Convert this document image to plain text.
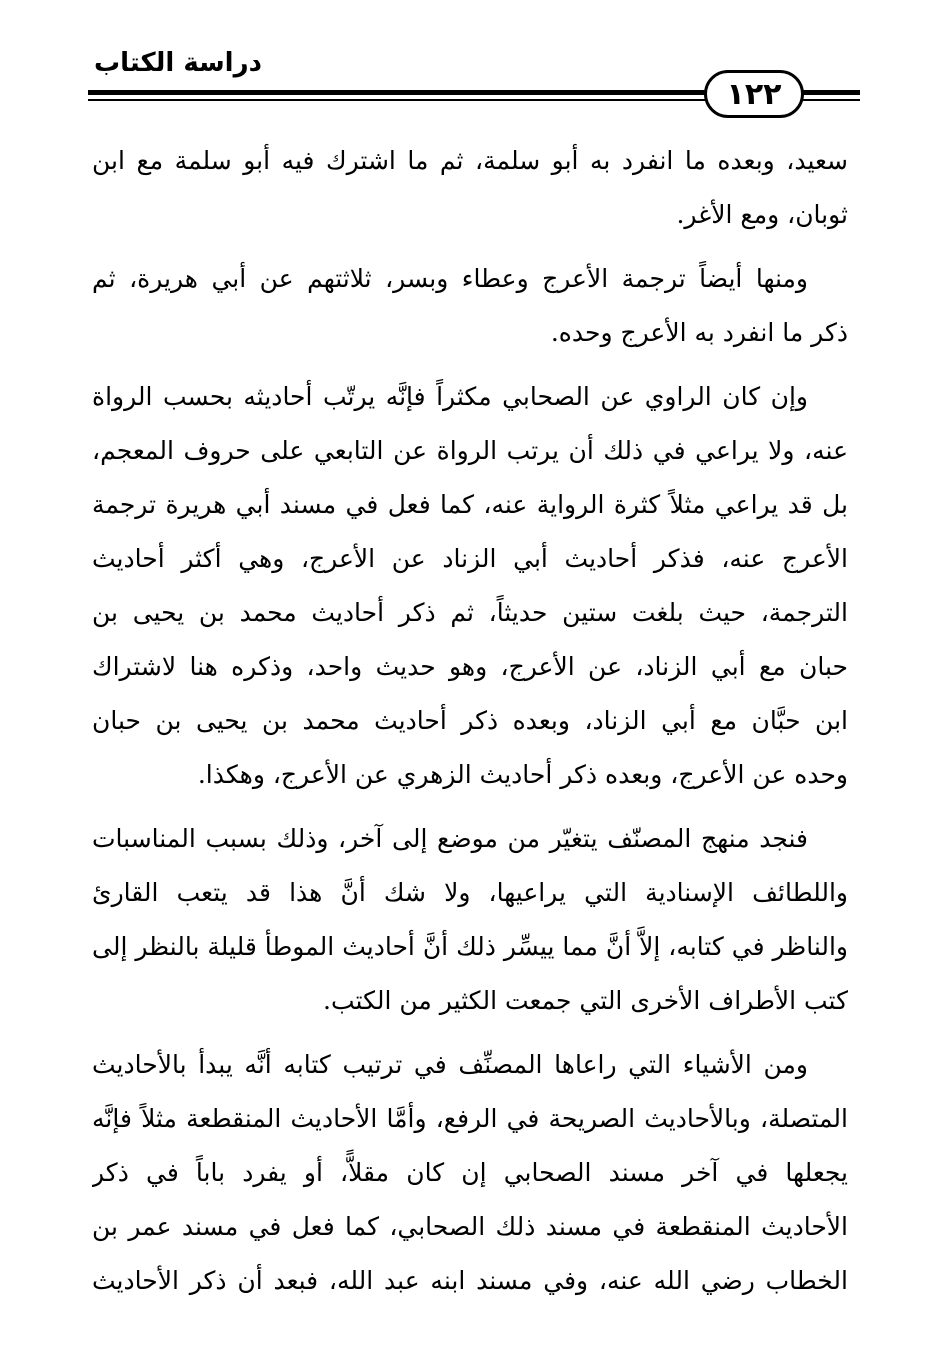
دراسة الكتاب
١٢٢
سعيد، وبعده ما انفرد به أبو سلمة، ثم ما اشترك فيه أبو سلمة مع ابن
ثوبان، ومع الأغر.
ومنها أيضاً ترجمة الأعرج وعطاء وبسر، ثلاثتهم عن أبي هريرة، ثم
ذكر ما انفرد به الأعرج وحده.
وإن كان الراوي عن الصحابي مكثراً فإنَّه يرتّب أحاديثه بحسب الرواة
عنه، ولا يراعي في ذلك أن يرتب الرواة عن التابعي على حروف المعجم،
بل قد يراعي مثلاً كثرة الرواية عنه، كما فعل في مسند أبي هريرة ترجمة
الأعرج عنه، فذكر أحاديث أبي الزناد عن الأعرج، وهي أكثر أحاديث
الترجمة، حيث بلغت ستين حديثاً، ثم ذكر أحاديث محمد بن يحيى بن
حبان مع أبي الزناد، عن الأعرج، وهو حديث واحد، وذكره هنا لاشتراك
ابن حبَّان مع أبي الزناد، وبعده ذكر أحاديث محمد بن يحيى بن حبان
وحده عن الأعرج، وبعده ذكر أحاديث الزهري عن الأعرج، وهكذا.
فنجد منهج المصنّف يتغيّر من موضع إلى آخر، وذلك بسبب المناسبات
واللطائف الإسنادية التي يراعيها، ولا شك أنَّ هذا قد يتعب القارئ
والناظر في كتابه، إلاَّ أنَّ مما ييسِّر ذلك أنَّ أحاديث الموطأ قليلة بالنظر إلى
كتب الأطراف الأخرى التي جمعت الكثير من الكتب.
ومن الأشياء التي راعاها المصنِّف في ترتيب كتابه أنَّه يبدأ بالأحاديث
المتصلة، وبالأحاديث الصريحة في الرفع، وأمَّا الأحاديث المنقطعة مثلاً فإنَّه
يجعلها في آخر مسند الصحابي إن كان مقلاًّ، أو يفرد باباً في ذكر
الأحاديث المنقطعة في مسند ذلك الصحابي، كما فعل في مسند عمر بن
الخطاب رضي الله عنه، وفي مسند ابنه عبد الله، فبعد أن ذكر الأحاديث
